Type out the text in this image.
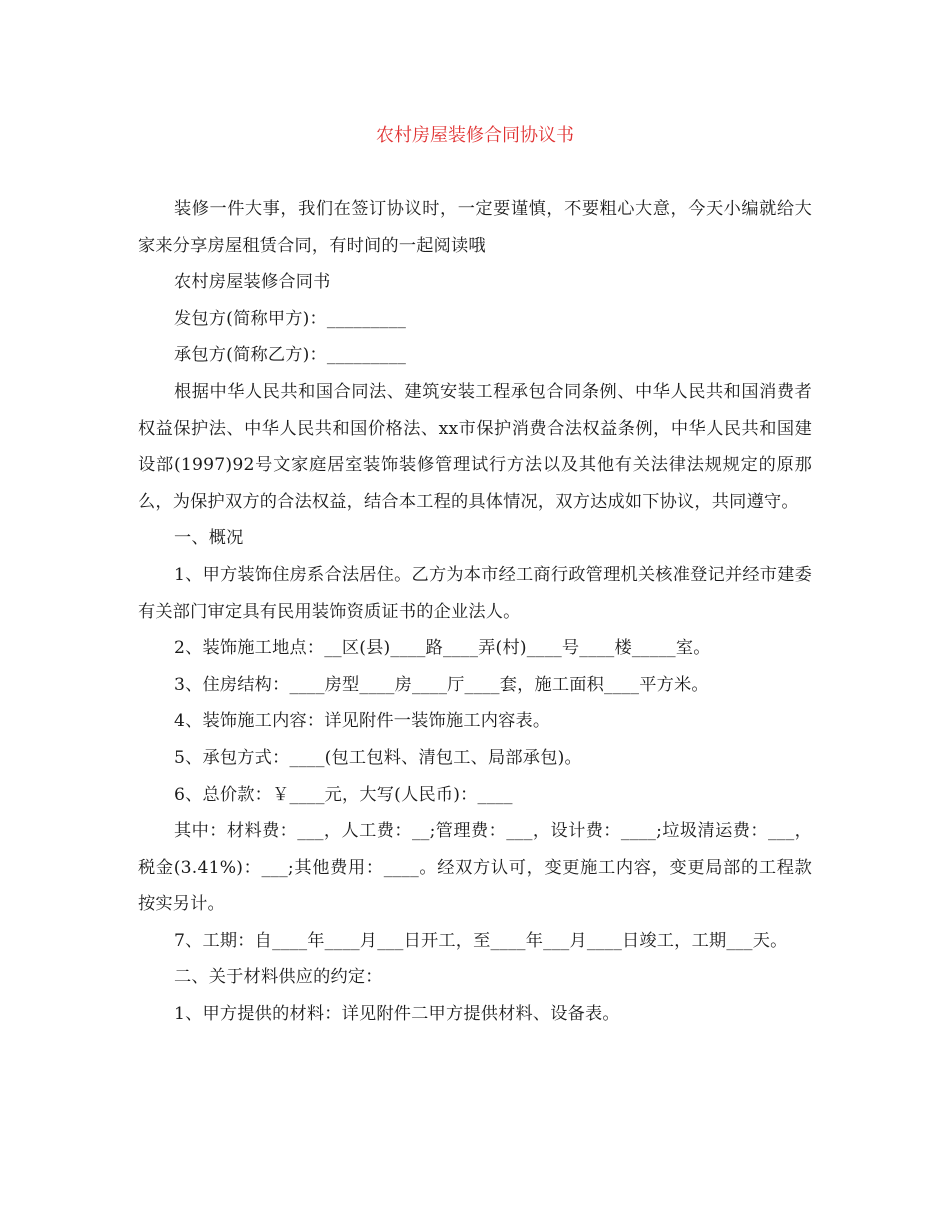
农村房屋装修合同协议书

装修一件大事，我们在签订协议时，一定要谨慎，不要粗心大意，今天小编就给大家来分享房屋租赁合同，有时间的一起阅读哦

农村房屋装修合同书

发包方(简称甲方)：_________

承包方(简称乙方)：_________

根据中华人民共和国合同法、建筑安装工程承包合同条例、中华人民共和国消费者权益保护法、中华人民共和国价格法、xx市保护消费合法权益条例，中华人民共和国建设部(1997)92号文家庭居室装饰装修管理试行方法以及其他有关法律法规规定的原那么，为保护双方的合法权益，结合本工程的具体情况，双方达成如下协议，共同遵守。

一、概况

1、甲方装饰住房系合法居住。乙方为本市经工商行政管理机关核准登记并经市建委有关部门审定具有民用装饰资质证书的企业法人。

2、装饰施工地点：__区(县)____路____弄(村)____号____楼_____室。

3、住房结构：____房型____房____厅____套，施工面积____平方米。

4、装饰施工内容：详见附件一装饰施工内容表。

5、承包方式：____(包工包料、清包工、局部承包)。

6、总价款：￥____元，大写(人民币)：____

其中：材料费：___，人工费：__;管理费：___，设计费：____;垃圾清运费：___，税金(3.41%)：___;其他费用：____。经双方认可，变更施工内容，变更局部的工程款按实另计。

7、工期：自____年____月___日开工，至____年___月____日竣工，工期___天。

二、关于材料供应的约定：

1、甲方提供的材料：详见附件二甲方提供材料、设备表。
